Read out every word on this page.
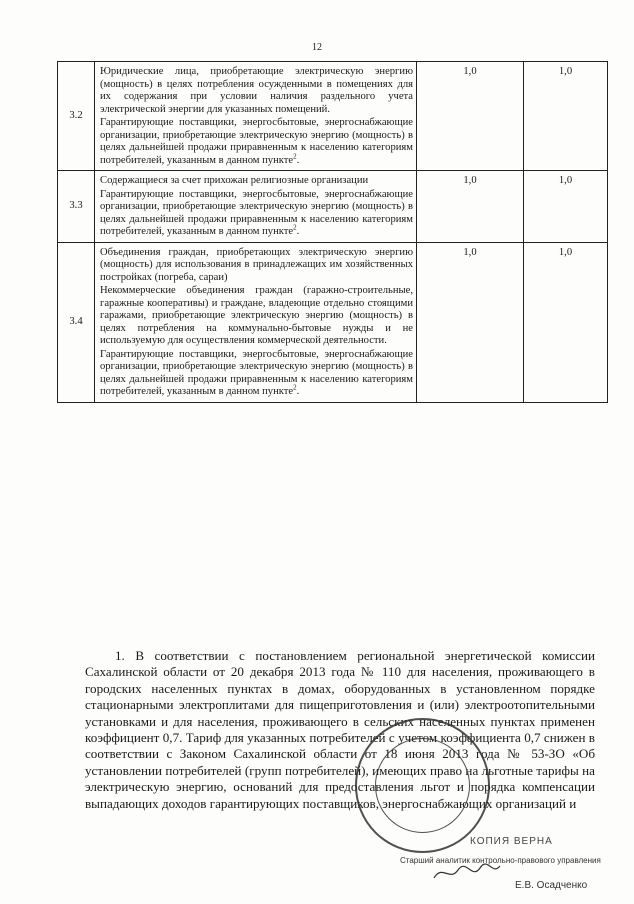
12
3.2	Юридические лица, приобретающие электрическую энергию (мощность) в целях потребления осужденными в помещениях для их содержания при условии наличия раздельного учета электрической энергии для указанных помещений.

Гарантирующие поставщики, энергосбытовые, энергоснабжающие организации, приобретающие электрическую энергию (мощность) в целях дальнейшей продажи приравненным к населению категориям потребителей, указанным в данном пункте$^2$.	1,0	1,0
3.3	Содержащиеся за счет прихожан религиозные организации

Гарантирующие поставщики, энергосбытовые, энергоснабжающие организации, приобретающие электрическую энергию (мощность) в целях дальнейшей продажи приравненным к населению категориям потребителей, указанным в данном пункте$^2$.	1,0	1,0
3.4	Объединения граждан, приобретающих электрическую энергию (мощность) для использования в принадлежащих им хозяйственных постройках (погреба, сараи)

Некоммерческие объединения граждан (гаражно-строительные, гаражные кооперативы) и граждане, владеющие отдельно стоящими гаражами, приобретающие электрическую энергию (мощность) в целях потребления на коммунально-бытовые нужды и не используемую для осуществления коммерческой деятельности.

Гарантирующие поставщики, энергосбытовые, энергоснабжающие организации, приобретающие электрическую энергию (мощность) в целях дальнейшей продажи приравненным к населению категориям потребителей, указанным в данном пункте$^2$.	1,0	1,0
1. В соответствии с постановлением региональной энергетической комиссии Сахалинской области от 20 декабря 2013 года № 110 для населения, проживающего в городских населенных пунктах в домах, оборудованных в установленном порядке стационарными электроплитами для пищеприготовления и (или) электроотопительными установками и для населения, проживающего в сельских населенных пунктах применен коэффициент 0,7. Тариф для указанных потребителей с учетом коэффициента 0,7 снижен в соответствии с Законом Сахалинской области от 18 июня 2013 года № 53-ЗО «Об установлении потребителей (групп потребителей), имеющих право на льготные тарифы на электрическую энергию, оснований для предоставления льгот и порядка компенсации выпадающих доходов гарантирующих поставщиков, энергоснабжающих организаций и
КОПИЯ ВЕРНА
Старший аналитик контрольно-правового управления
Е.В. Осадченко
